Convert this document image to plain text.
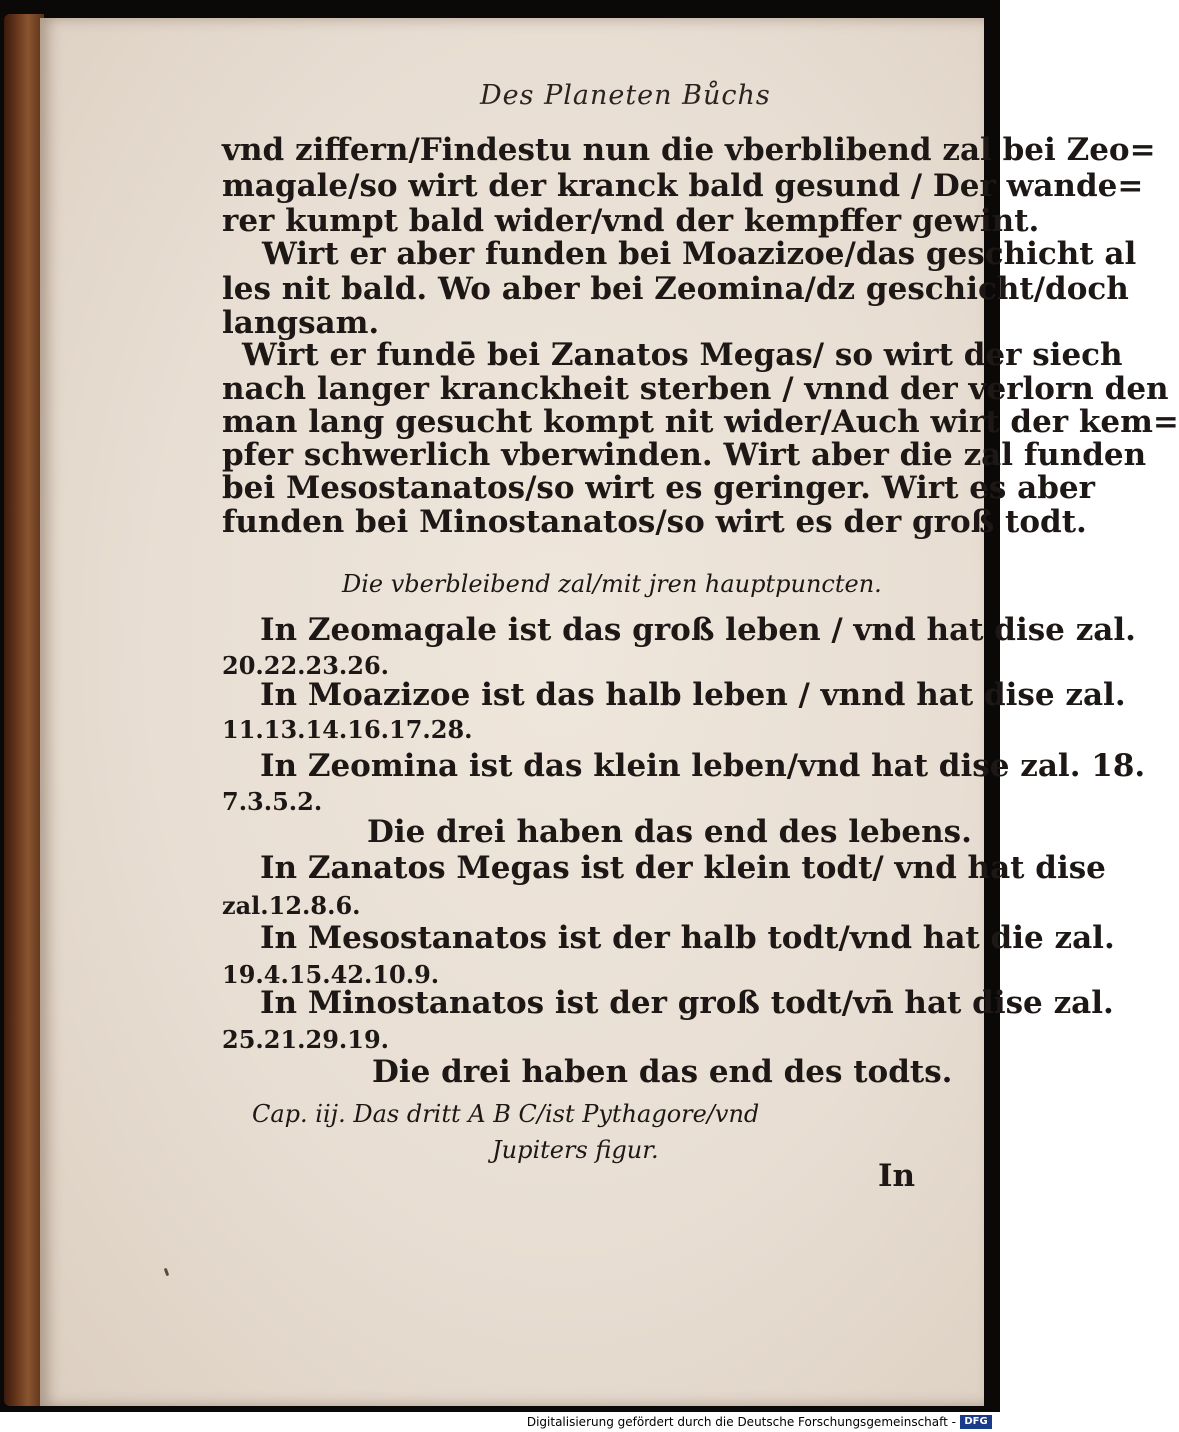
Des Planeten Bůchs
vnd ziffern/Findestu nun die vberblibend zal bei Zeo=
magale/so wirt der kranck bald gesund / Der wande=
rer kumpt bald wider/vnd der kempffer gewint.
Wirt er aber funden bei Moazizoe/das geschicht al
les nit bald. Wo aber bei Zeomina/dz geschicht/doch
langsam.
Wirt er fundē bei Zanatos Megas/ so wirt der siech
nach langer kranckheit sterben / vnnd der verlorn den
man lang gesucht kompt nit wider/Auch wirt der kem=
pfer schwerlich vberwinden. Wirt aber die zal funden
bei Mesostanatos/so wirt es geringer. Wirt es aber
funden bei Minostanatos/so wirt es der groß todt.
Die vberbleibend zal/mit jren hauptpuncten.
In Zeomagale ist das groß leben / vnd hat dise zal.
20.22.23.26.
In Moazizoe ist das halb leben / vnnd hat dise zal.
11.13.14.16.17.28.
In Zeomina ist das klein leben/vnd hat dise zal. 18.
7.3.5.2.
Die drei haben das end des lebens.
In Zanatos Megas ist der klein todt/ vnd hat dise
zal.12.8.6.
In Mesostanatos ist der halb todt/vnd hat die zal.
19.4.15.42.10.9.
In Minostanatos ist der groß todt/vn̄ hat dise zal.
25.21.29.19.
Die drei haben das end des todts.
Cap. iij. Das dritt A B C/ist Pythagore/vnd
Jupiters figur.
In
Digitalisierung gefördert durch die Deutsche Forschungsgemeinschaft - DFG
